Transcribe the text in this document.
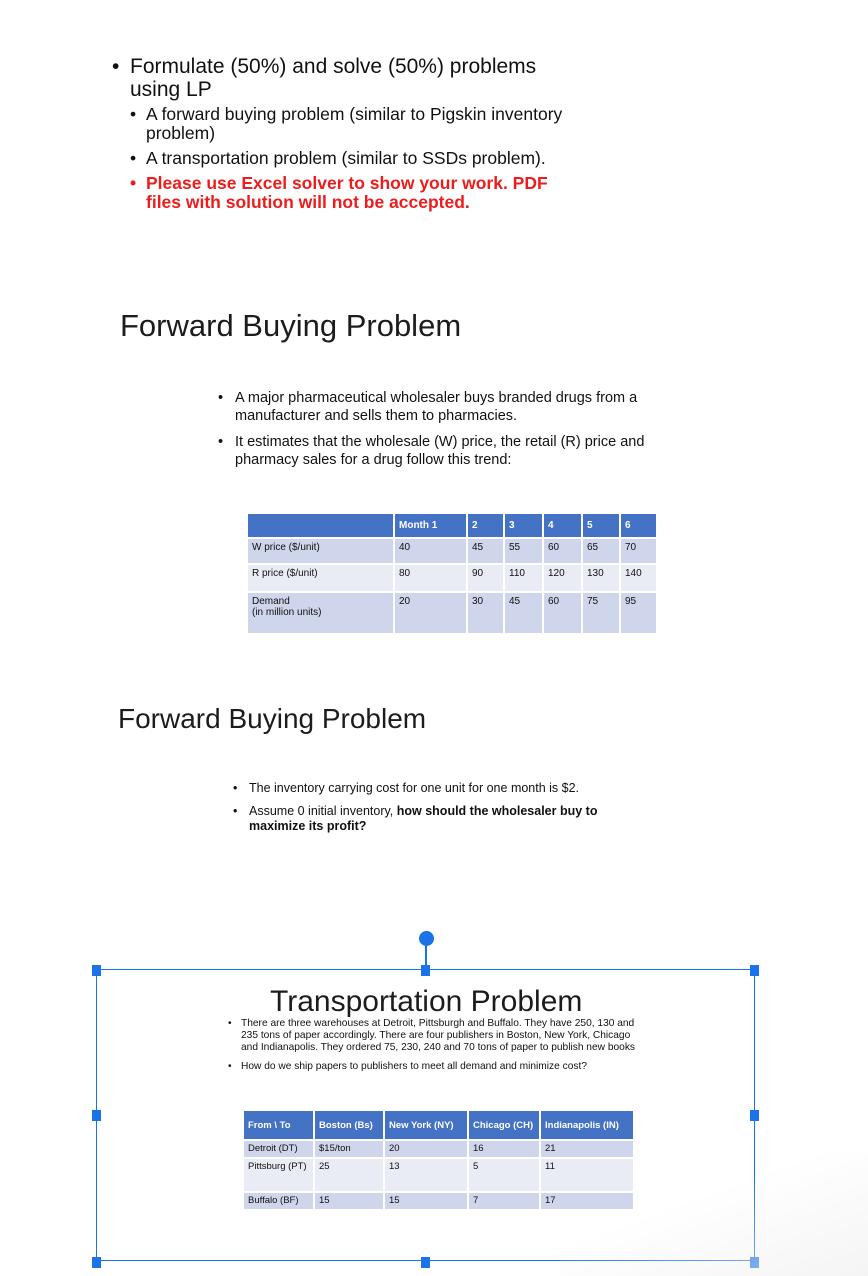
• Formulate (50%) and solve (50%) problems using LP
• A forward buying problem (similar to Pigskin inventory problem)
• A transportation problem (similar to SSDs problem).
• Please use Excel solver to show your work. PDF files with solution will not be accepted.
Forward Buying Problem
• A major pharmaceutical wholesaler buys branded drugs from a manufacturer and sells them to pharmacies.
• It estimates that the wholesale (W) price, the retail (R) price and pharmacy sales for a drug follow this trend:
	Month 1	2	3	4	5	6
W price ($/unit)	40	45	55	60	65	70
R price ($/unit)	80	90	110	120	130	140
Demand
(in million units)	20	30	45	60	75	95
Forward Buying Problem
• The inventory carrying cost for one unit for one month is $2.
• Assume 0 initial inventory, how should the wholesaler buy to maximize its profit?
Transportation Problem
• There are three warehouses at Detroit, Pittsburgh and Buffalo. They have 250, 130 and 235 tons of paper accordingly. There are four publishers in Boston, New York, Chicago and Indianapolis. They ordered 75, 230, 240 and 70 tons of paper to publish new books
• How do we ship papers to publishers to meet all demand and minimize cost?
From \ To	Boston (Bs)	New York (NY)	Chicago (CH)	Indianapolis (IN)
Detroit (DT)	$15/ton	20	16	21
Pittsburg (PT)	25	13	5	11
Buffalo (BF)	15	15	7	17
